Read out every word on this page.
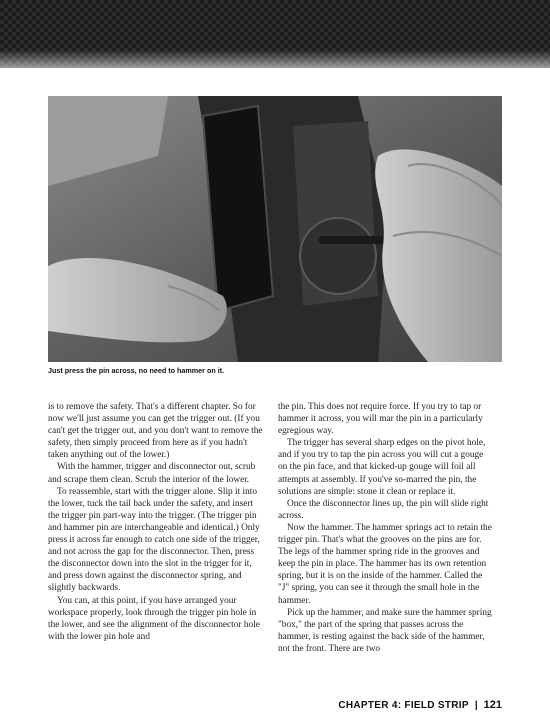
Just press the pin across, no need to hammer on it.

is to remove the safety. That's a different chapter. So for now we'll just assume you can get the trigger out. (If you can't get the trigger out, and you don't want to remove the safety, then simply proceed from here as if you hadn't taken anything out of the lower.)

With the hammer, trigger and disconnector out, scrub and scrape them clean. Scrub the interior of the lower.

To reassemble, start with the trigger alone. Slip it into the lower, tuck the tail back under the safety, and insert the trigger pin part-way into the trigger. (The trigger pin and hammer pin are interchangeable and identical.) Only press it across far enough to catch one side of the trigger, and not across the gap for the disconnector. Then, press the disconnector down into the slot in the trigger for it, and press down against the disconnector spring, and slightly backwards.

You can, at this point, if you have arranged your workspace properly, look through the trigger pin hole in the lower, and see the alignment of the disconnector hole with the lower pin hole and

the pin. This does not require force. If you try to tap or hammer it across, you will mar the pin in a particularly egregious way.

The trigger has several sharp edges on the pivot hole, and if you try to tap the pin across you will cut a gouge on the pin face, and that kicked-up gouge will foil all attempts at assembly. If you've so-marred the pin, the solutions are simple: stone it clean or replace it.

Once the disconnector lines up, the pin will slide right across.

Now the hammer. The hammer springs act to retain the trigger pin. That's what the grooves on the pins are for. The legs of the hammer spring ride in the grooves and keep the pin in place. The hammer has its own retention spring, but it is on the inside of the hammer. Called the "J" spring, you can see it through the small hole in the hammer.

Pick up the hammer, and make sure the hammer spring "box," the part of the spring that passes across the hammer, is resting against the back side of the hammer, not the front. There are two

CHAPTER 4: FIELD STRIP | 121
